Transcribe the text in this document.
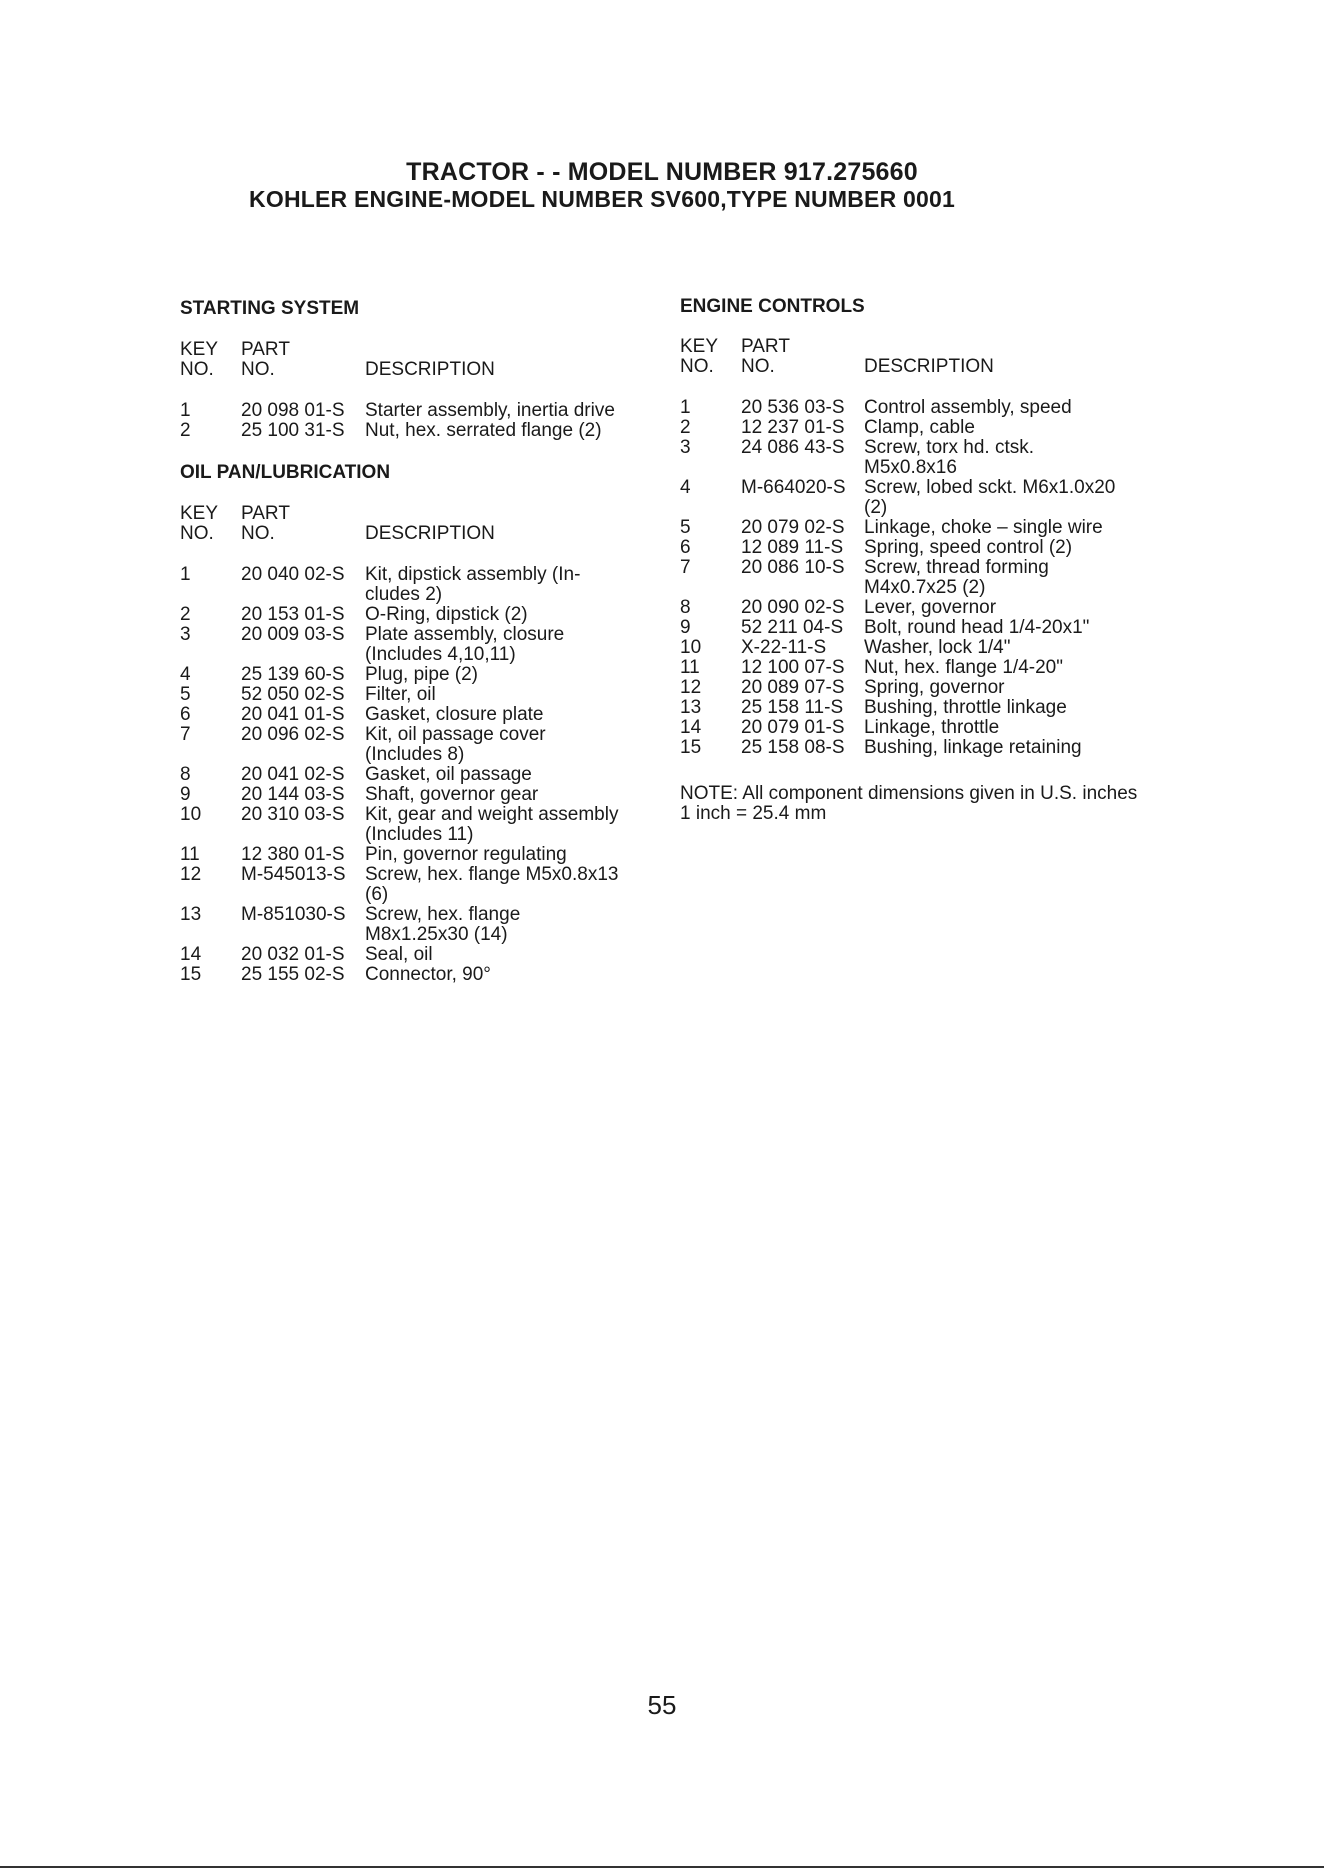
TRACTOR - - MODEL NUMBER 917.275660
KOHLER ENGINE-MODEL NUMBER SV600,TYPE NUMBER 0001
STARTING SYSTEM
KEY
NO.
PART
NO.	DESCRIPTION
1	20 098 01-S Starter assembly, inertia drive
2	25 100 31-S Nut, hex. serrated flange (2)
OIL PAN/LUBRICATION
KEY
NO.
PART
NO.	DESCRIPTION
1	20 040 02-S Kit, dipstick assembly (In-
cludes 2)
2	20 153 01-S O-Ring, dipstick (2)
3	20 009 03-S Plate assembly, closure
(Includes 4,10,11)
4	25 139 60-S Plug, pipe (2)
5	52 050 02-S Filter, oil
6	20 041 01-S Gasket, closure plate
7	20 096 02-S Kit, oil passage cover
(Includes 8)
8	20 041 02-S Gasket, oil passage
9	20 144 03-S Shaft, governor gear
10 20 310 03-S Kit, gear and weight assembly
(Includes 11)
11 12 380 01-S Pin, governor regulating
12 M-545013-S Screw, hex. flange M5x0.8x13
(6)
13 M-851030-S Screw, hex. flange
M8x1.25x30 (14)
14 20 032 01-S Seal, oil
15 25 155 02-S Connector, 90°
ENGINE CONTROLS
KEY
NO.
PART
NO.	DESCRIPTION
1	20 536 03-S Control assembly, speed
2	12 237 01-S Clamp, cable
3	24 086 43-S Screw, torx hd. ctsk.
M5x0.8x16
4	M-664020-S Screw, lobed sckt. M6x1.0x20
(2)
5	20 079 02-S Linkage, choke – single wire
6	12 089 11-S Spring, speed control (2)
7	20 086 10-S Screw, thread forming
M4x0.7x25 (2)
8	20 090 02-S Lever, governor
9	52 211 04-S Bolt, round head 1/4-20x1"
10 X-22-11-S Washer, lock 1/4"
11 12 100 07-S Nut, hex. flange 1/4-20"
12 20 089 07-S Spring, governor
13 25 158 11-S Bushing, throttle linkage
14 20 079 01-S Linkage, throttle
15 25 158 08-S Bushing, linkage retaining
NOTE: All component dimensions given in U.S. inches 1 inch = 25.4 mm
55
